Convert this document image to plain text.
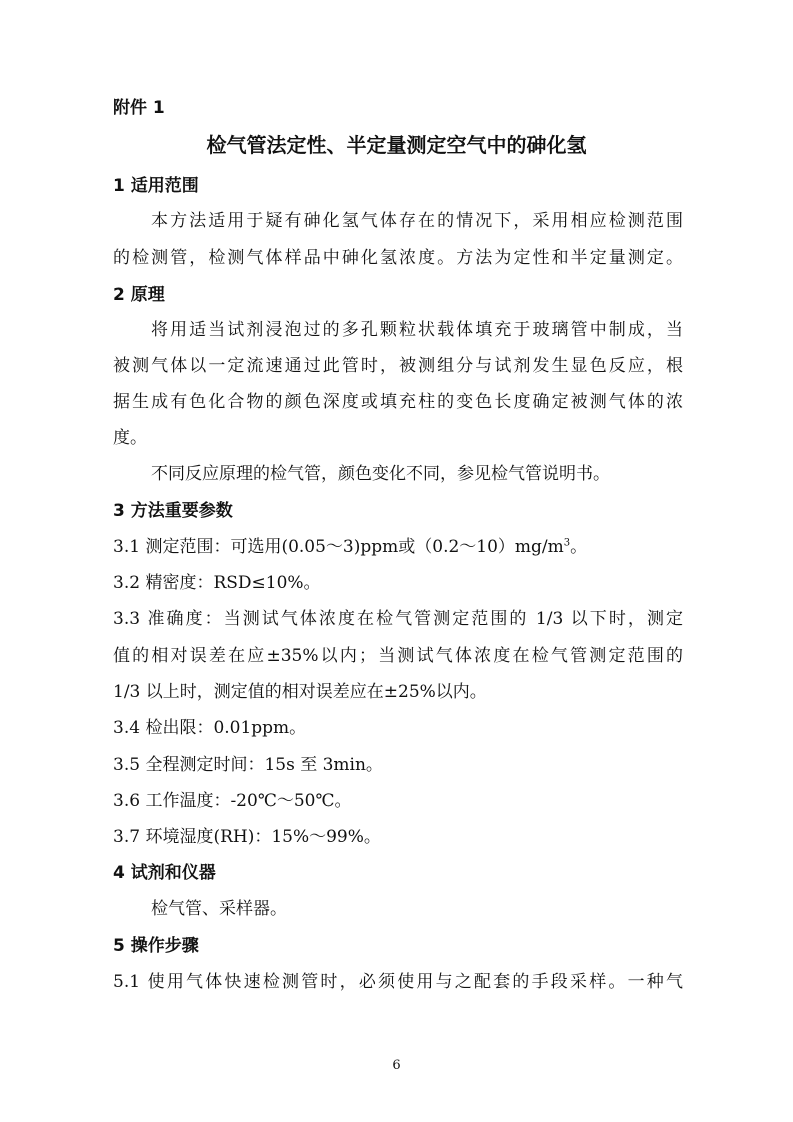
附件 1
检气管法定性、半定量测定空气中的砷化氢
1 适用范围
本方法适用于疑有砷化氢气体存在的情况下，采用相应检测范围
的检测管，检测气体样品中砷化氢浓度。方法为定性和半定量测定。
2 原理
将用适当试剂浸泡过的多孔颗粒状载体填充于玻璃管中制成，当
被测气体以一定流速通过此管时，被测组分与试剂发生显色反应，根
据生成有色化合物的颜色深度或填充柱的变色长度确定被测气体的浓
度。
不同反应原理的检气管，颜色变化不同，参见检气管说明书。
3 方法重要参数
3.1 测定范围：可选用(0.05～3)ppm或$(0.2\sim 10)mg/m^3$。
3.2 精密度：RSD≤10%。
3.3 准确度：当测试气体浓度在检气管测定范围的 1/3 以下时，测定
值的相对误差在应±35%以内；当测试气体浓度在检气管测定范围的
1/3 以上时，测定值的相对误差应在±25%以内。
3.4 检出限：0.01ppm。
3.5 全程测定时间：15s 至 3min。
3.6 工作温度：-20℃～50℃。
3.7 环境湿度(RH)：15%～99%。
4 试剂和仪器
检气管、采样器。
5 操作步骤
5.1 使用气体快速检测管时，必须使用与之配套的手段采样。一种气
6
